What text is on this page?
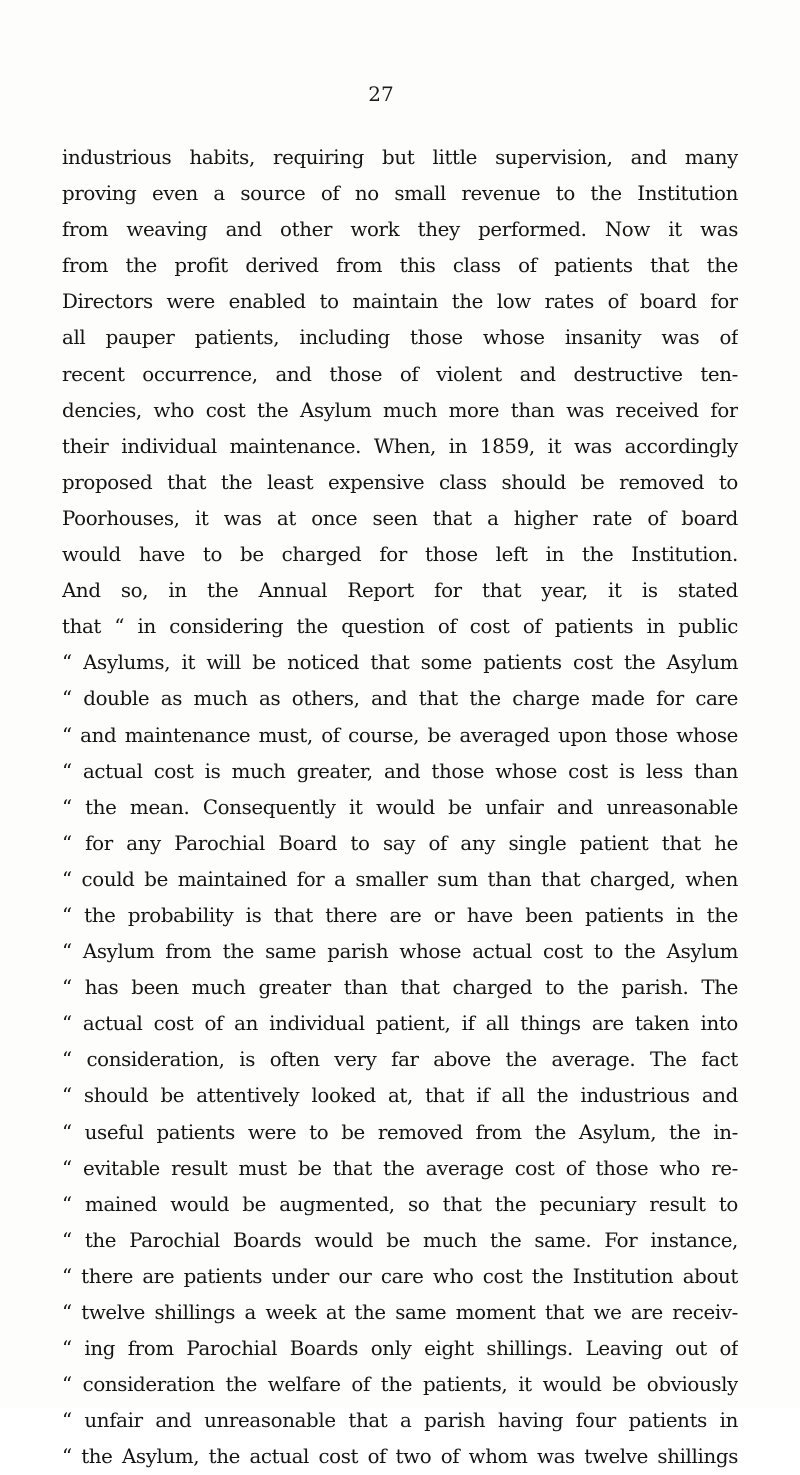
27
industrious habits, requiring but little supervision, and many
proving even a source of no small revenue to the Institution
from weaving and other work they performed. Now it was
from the profit derived from this class of patients that the
Directors were enabled to maintain the low rates of board for
all pauper patients, including those whose insanity was of
recent occurrence, and those of violent and destructive ten-
dencies, who cost the Asylum much more than was received for
their individual maintenance. When, in 1859, it was accordingly
proposed that the least expensive class should be removed to
Poorhouses, it was at once seen that a higher rate of board
would have to be charged for those left in the Institution.
And so, in the Annual Report for that year, it is stated
that “ in considering the question of cost of patients in public
“ Asylums, it will be noticed that some patients cost the Asylum
“ double as much as others, and that the charge made for care
“ and maintenance must, of course, be averaged upon those whose
“ actual cost is much greater, and those whose cost is less than
“ the mean. Consequently it would be unfair and unreasonable
“ for any Parochial Board to say of any single patient that he
“ could be maintained for a smaller sum than that charged, when
“ the probability is that there are or have been patients in the
“ Asylum from the same parish whose actual cost to the Asylum
“ has been much greater than that charged to the parish. The
“ actual cost of an individual patient, if all things are taken into
“ consideration, is often very far above the average. The fact
“ should be attentively looked at, that if all the industrious and
“ useful patients were to be removed from the Asylum, the in-
“ evitable result must be that the average cost of those who re-
“ mained would be augmented, so that the pecuniary result to
“ the Parochial Boards would be much the same. For instance,
“ there are patients under our care who cost the Institution about
“ twelve shillings a week at the same moment that we are receiv-
“ ing from Parochial Boards only eight shillings. Leaving out of
“ consideration the welfare of the patients, it would be obviously
“ unfair and unreasonable that a parish having four patients in
“ the Asylum, the actual cost of two of whom was twelve shillings
